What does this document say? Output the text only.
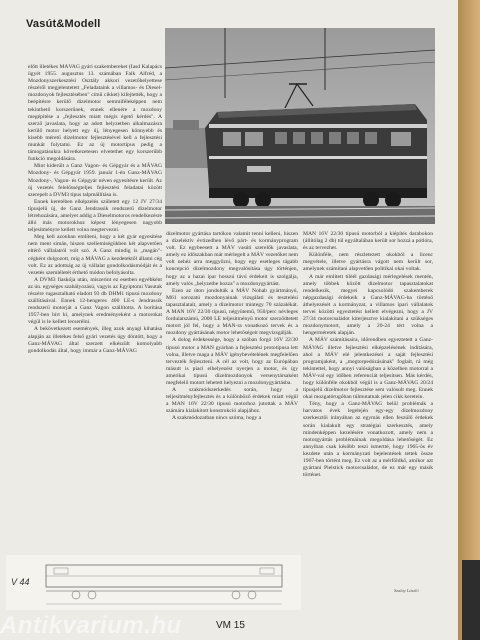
Vasút&Modell

előtt illetékes MÁVAG gyári szakembereket (Iasd Kalapács ügyét 1955. augusztus 13. számában Falk Alfréd, a Mozdonyszerkesztési Osztály akkori vezetőhelyettese részéről megjelentetett „Feladataink a villamos- és Diesel-mozdonyok fejlesztésében" című cikket) kifejtették, hogy a beépítésre kerülő dízelmotor semmiféleképpen nem tekinthető korszerűnek, ennek ellenére a mozdony megépítése a „fejlesztés miatt mégis égető kérdés". A szerző javaslata, hogy az adott helyzetben alkalmazásra kerülő motor helyett egy új, lényegesen könnyebb és kisebb méretű dízelmotor fejlesztésével kell a fejlesztési munkát folytatni. Ez az új motortípus pedig a támogatásukra következetesen elvetethet egy korszerűbb funkció megoldására.

Mint kiderült a Ganz Vagon- és Gépgyár és a MÁVAG Mozdony- és Gépgyár 1959. január 1-én Ganz-MÁVAG Mozdony-, Vagon- és Gépgyár néven egyesítésre került. Az új vezetés felelősségteljes fejlesztési feladatai között szerepelt a DVM3 típus talpmállítása is.

Ennek keretében elképzelés született egy 12 JV 27/34 típusjelű új, de Ganz Jendrassik rendszerű dízelmotor létrehozására, amelyet addig a Dieselmotoros rendelkezésre álló más motorokhoz képest lényegesen nagyobb teljesítményre kellett volna megtervezni.

Meg kell azonban említeni, hogy a két gyár egyesítése nem ment simán, hiszen szellemiségükben két alapvetően eltérő vállalatról volt szó. A Ganz mindig is „magán"-cégként dolgozott, míg a MÁVAG a kezdetektől állami cég volt. Ez az adottság az új vállalat gondolkodásmódját és a vezetés szemléletét érthető módon befolyásolta.

A DVM3 fiaskója után, miszerint ez esetben egyébként az ún. egységes szabályozású, vagyis az Egyiptomi Vasutak részére rugasztalható eladott 93 db DHM1 típusú mozdony szállításával. Ennek 12-hengeres 400 LE-s Jendrassik rendszerű motorját a Ganz Vagon szállította. A borítása 1957-ben bírt ki, amelynek eredményeként a motorokat végül is le kellett lecserélni.

A bekövetkezett események, illeg azok anyagi kihatása alapján az illetékes felső gyári vezetés úgy döntött, hogy a Ganz-MÁVAG által szerzett elkészült komolyabb gondolkodás által, hogy immár a Ganz-MÁVAG

dízelmotor gyártása tartókon valamit tenni kelleni, hiszen a dízelektív évtizedben lévő párt- és kormányprogram volt. Ez egybeesett a MÁV vasúti szerelők javaslata, amely ez időszakban már mérlegelt a MÁV vezetőket nem volt nehéz arra meggyőzni, hogy egy esetleges tágabb koncepció dízelmozdony megvalósítása úgy történjen, hogy az a hazai ipar hosszú távú érdekeit is szolgálja, amely valós „helyzetbe hozza" a mozdonygyártást.

Ezen az úton jondolták a MÁV Nohab gyártmányú, M61 sorozatú mozdonyainak vizsgálati és tesztelési tapasztalatait, amely a dízelmotor mintegy 70 százalékát. A MAN 16V 22/30 típusú, négyütemű, 950/perc névleges fordulatszámú, 2000 LE teljesítményű motor szerződtetett motort jól fel, hogy a MAN-ra vonatkozó tervek és a mozdony gyártásának motor lehetőségeit megvizsgálják.

A dolog érdekessége, hogy a szóban forgó 16V 22/30 típusú motor a MAN gyárban a fejlesztési prototípusa lett volna, illetve maga a MÁV igénybevételének megfelelően tervezték fejleszteni. A cél az volt, hogy az Európában másutt is piaci elhelyezést nyerjen a motor, és így amerikai típusú dízelmozdonyok versenytársaként megfelelő motort lehetett helyezni a mozdonygyártásba.

A szakmódszerkedés során, hogy a teljesítményfejlesztés és a különböző érdekek miatt végül a MAN 16V 22/30 típusú motorhoz jutottak a MÁV számára kialakított konstrukció alapjához.

A szakmódozatban nincs szóma, hogy a

MAN 16V 22/30 típusú motorból a kiépítés darabokon (állítólag 2 db) túl egyáltalában került sor hozzá a pótlóra, és az tervezhet.

Különféle, nem részletezett okokból a licenc megvétele, illetve gyártásra vágott nem került sor, amelynek számítani alapvetően politikai okai voltak.

A már említett tíléél gazdasági mérlegelések mentén, amely többek között dízelmotor tapasztalatokat rendelkezik, megyei kapcsolódó szakemberek népgazdasági érdekeik a Ganz-MÁVAG-ba történő áthelyezését a kormányzat, a villamos ipari vállalatok tervei közötti egyeztetést kellett elvégezni, hogy a JV 27/34 motorcsaládot kiterjesztve kialakítani a szükséges mozdonymotort, amely a 20-24 tért volna a hengerméretek alapján.

A MÁV számításaira, időrendben egyeztetett a Ganz-MÁVAG illetve fejlesztési elképzelésének indítására, ahol a MÁV elé jelentkezései a saját fejlesztési programjaként, a „megtorpedózásának" foglalt, rá még tekintettel, hogy annyi valóságban a közelben motorral a MÁV-val egy időben referenciát teljesítsen. Más kérdés, hogy különféle okokból végül is a Ganz-MÁVAG 20/24 típusjelű dízelmotor fejlesztése sem valósult meg. Ennek okai mozgatórugóban túlmutatnak jelen cikk keretein.

Tény, hogy a Ganz-MÁVAG belül problémák a harvatos évek legelején egy-egy dízelmozdony szerkesztői irányában az egymás ellen feszülő érdekek során kialakult egy stratégiai szerkesztés, amely mindenképpen kezelésére vonatkozott, amely nem a motorgyártás problémáinak megoldása lehetőségét. Ez annyiban csak később teszi ismertté, hogy 1965-ös év kezdete után a kormányzati bejelentések tettek össze 1967-ben történt meg. Ez volt az a mérföldkő, amikor azt gyártani Pielstick motorcsaládot, de ez már egy másik történet.

V 44
Szalay László
VM 15
Antikvarium.hu
